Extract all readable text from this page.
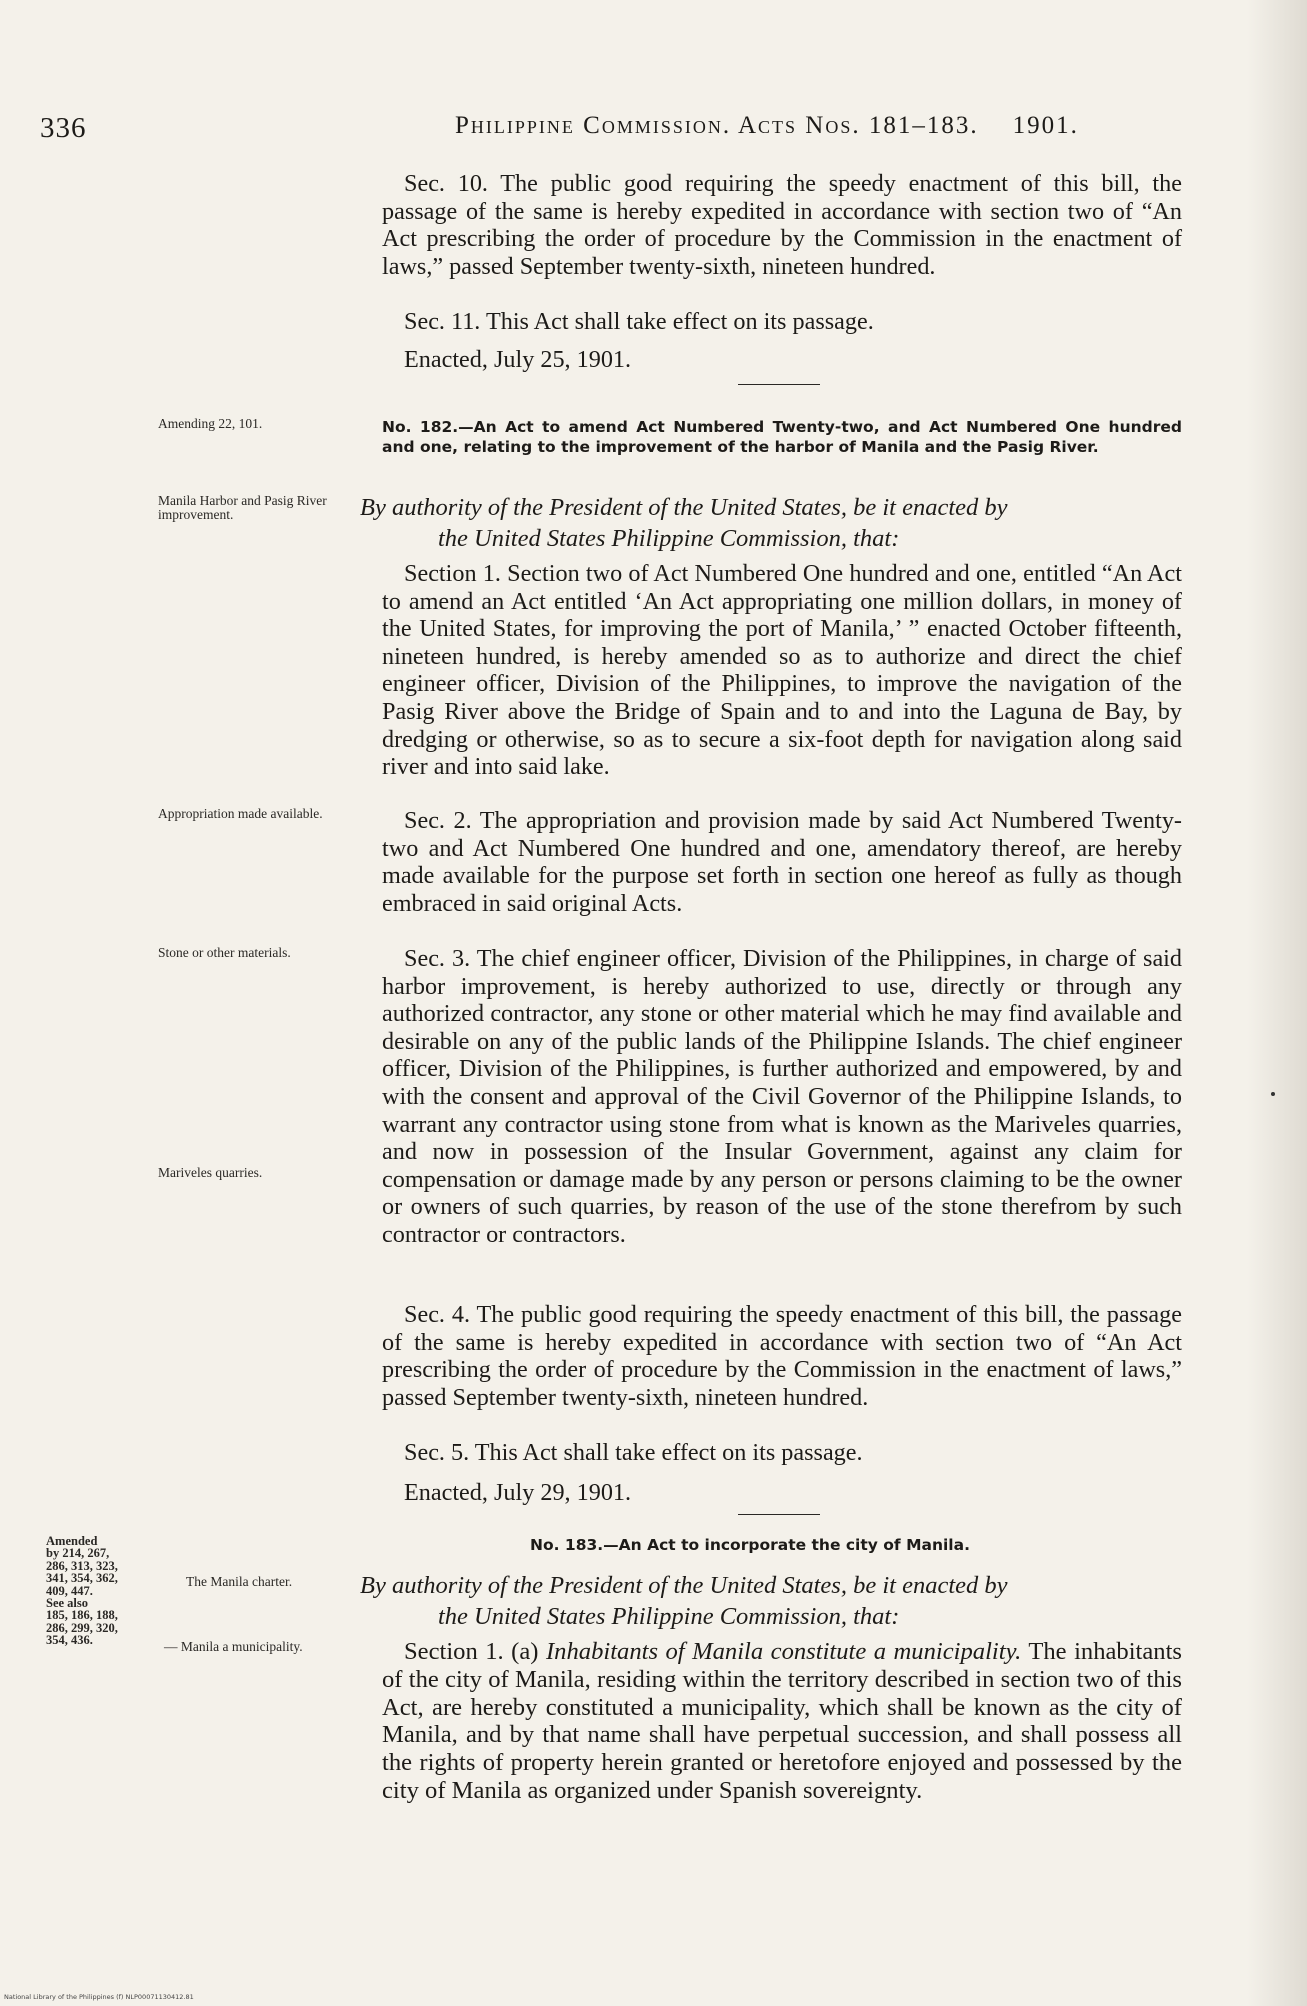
336	Philippine Commission. Acts Nos. 181–183. 1901.

Sec. 10. The public good requiring the speedy enactment of this bill, the passage of the same is hereby expedited in accordance with section two of “An Act prescribing the order of procedure by the Commission in the enactment of laws,” passed September twenty-sixth, nineteen hundred.

Sec. 11. This Act shall take effect on its passage.

Enacted, July 25, 1901.

Amending 22, 101.	No. 182.—An Act to amend Act Numbered Twenty-two, and Act Numbered One hundred and one, relating to the improvement of the harbor of Manila and the Pasig River.
Manila Harbor and Pasig River improvement.	By authority of the President of the United States, be it enacted by
the United States Philippine Commission, that:

Section 1. Section two of Act Numbered One hundred and one, entitled “An Act to amend an Act entitled ‘An Act appropriating one million dollars, in money of the United States, for improving the port of Manila,’ ” enacted October fifteenth, nineteen hundred, is hereby amended so as to authorize and direct the chief engineer officer, Division of the Philippines, to improve the navigation of the Pasig River above the Bridge of Spain and to and into the Laguna de Bay, by dredging or otherwise, so as to secure a six-foot depth for navigation along said river and into said lake.

Appropriation made available.	Sec. 2. The appropriation and provision made by said Act Numbered Twenty-two and Act Numbered One hundred and one, amendatory thereof, are hereby made available for the purpose set forth in section one hereof as fully as though embraced in said original Acts.

Stone or other materials.	Sec. 3. The chief engineer officer, Division of the Philippines, in charge of said harbor improvement, is hereby authorized to use, directly or through any authorized contractor, any stone or other material which he may find available and desirable on any of the public lands of the Philippine Islands. The chief engineer officer, Division of the Philippines, is further authorized and empowered, by and with the consent and approval of the Civil Governor of the Philippine Islands, to warrant any contractor using stone from what is known as the Mariveles quarries, and now in possession of the Insular Government, against any claim for compensation or damage made by any person or persons claiming to be the owner or owners of such quarries, by reason of the use of the stone therefrom by such contractor or contractors.

Mariveles quarries.

Sec. 4. The public good requiring the speedy enactment of this bill, the passage of the same is hereby expedited in accordance with section two of “An Act prescribing the order of procedure by the Commission in the enactment of laws,” passed September twenty-sixth, nineteen hundred.

Sec. 5. This Act shall take effect on its passage.

Enacted, July 29, 1901.

Amended
by 214, 267,
286, 313, 323,
341, 354, 362,
409, 447.
See also
185, 186, 188,
286, 299, 320,
354, 436.
No. 183.—An Act to incorporate the city of Manila.
The Manila charter.	By authority of the President of the United States, be it enacted by
the United States Philippine Commission, that:
— Manila a municipality.	Section 1. (a) Inhabitants of Manila constitute a municipality. The inhabitants of the city of Manila, residing within the territory described in section two of this Act, are hereby constituted a municipality, which shall be known as the city of Manila, and by that name shall have perpetual succession, and shall possess all the rights of property herein granted or heretofore enjoyed and possessed by the city of Manila as organized under Spanish sovereignty.

National Library of the Philippines (f) NLP00071130412.81
